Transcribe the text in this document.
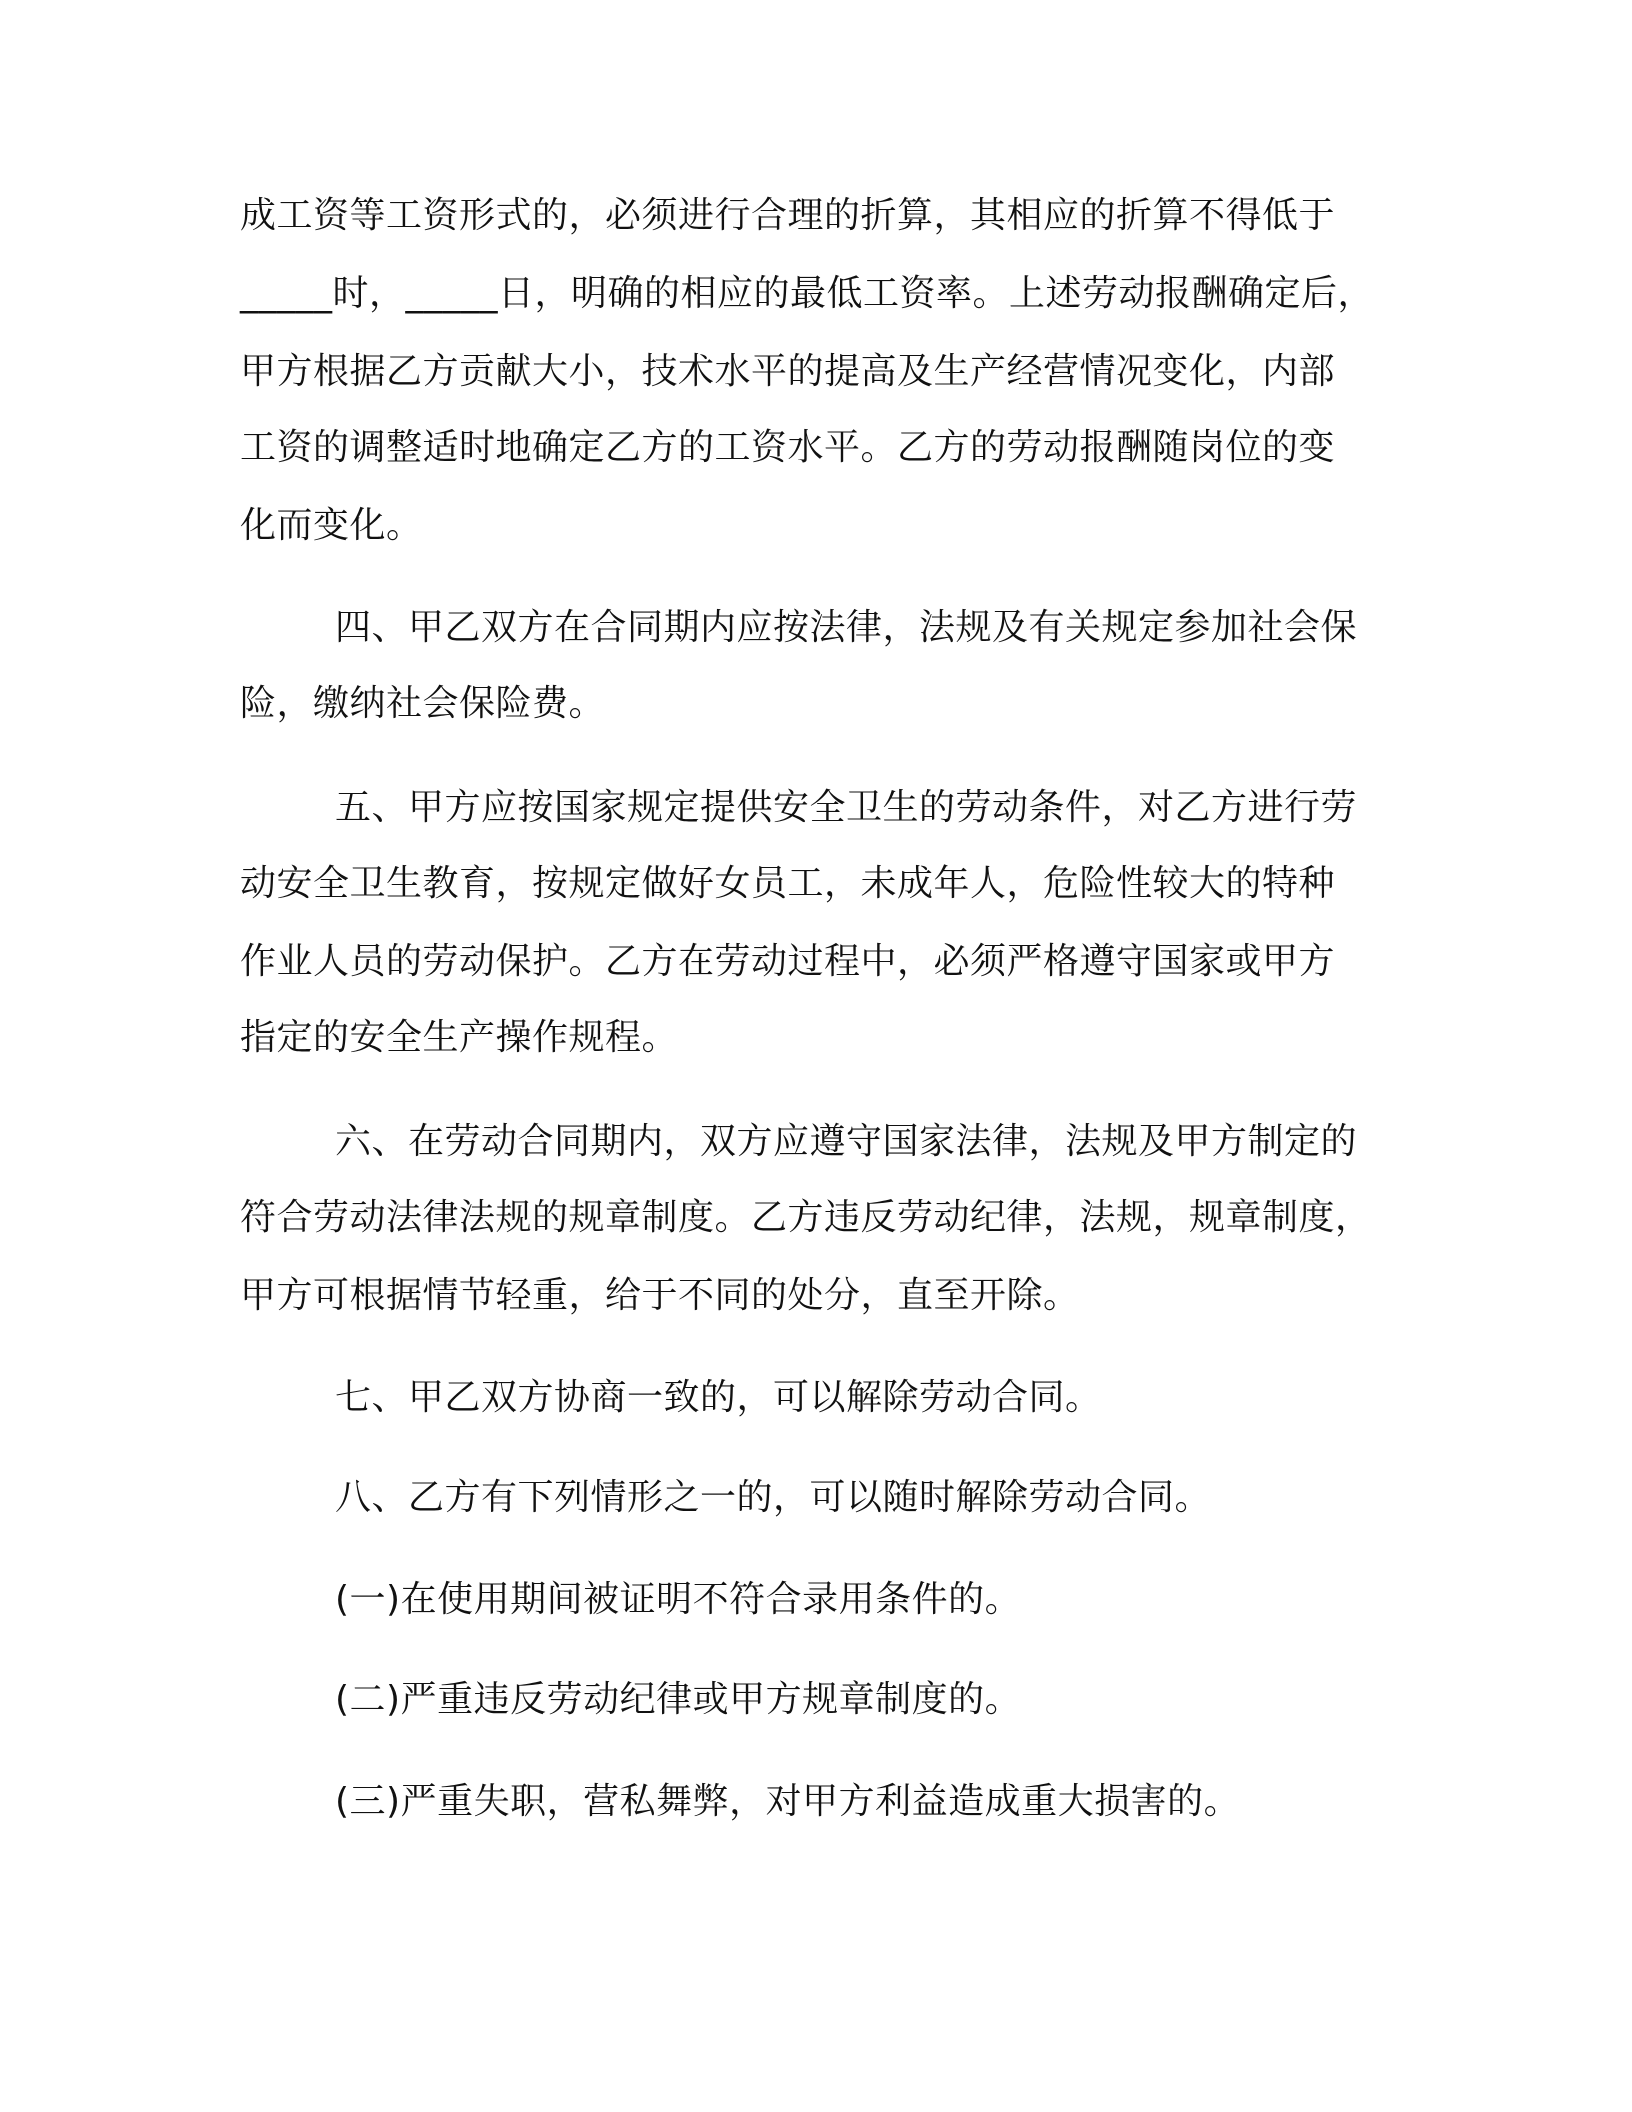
成工资等工资形式的，必须进行合理的折算，其相应的折算不得低于
_____时，_____日，明确的相应的最低工资率。上述劳动报酬确定后，
甲方根据乙方贡献大小，技术水平的提高及生产经营情况变化，内部
工资的调整适时地确定乙方的工资水平。乙方的劳动报酬随岗位的变
化而变化。
四、甲乙双方在合同期内应按法律，法规及有关规定参加社会保
险，缴纳社会保险费。
五、甲方应按国家规定提供安全卫生的劳动条件，对乙方进行劳
动安全卫生教育，按规定做好女员工，未成年人，危险性较大的特种
作业人员的劳动保护。乙方在劳动过程中，必须严格遵守国家或甲方
指定的安全生产操作规程。
六、在劳动合同期内，双方应遵守国家法律，法规及甲方制定的
符合劳动法律法规的规章制度。乙方违反劳动纪律，法规，规章制度，
甲方可根据情节轻重，给于不同的处分，直至开除。
七、甲乙双方协商一致的，可以解除劳动合同。
八、乙方有下列情形之一的，可以随时解除劳动合同。
(一)在使用期间被证明不符合录用条件的。
(二)严重违反劳动纪律或甲方规章制度的。
(三)严重失职，营私舞弊，对甲方利益造成重大损害的。
